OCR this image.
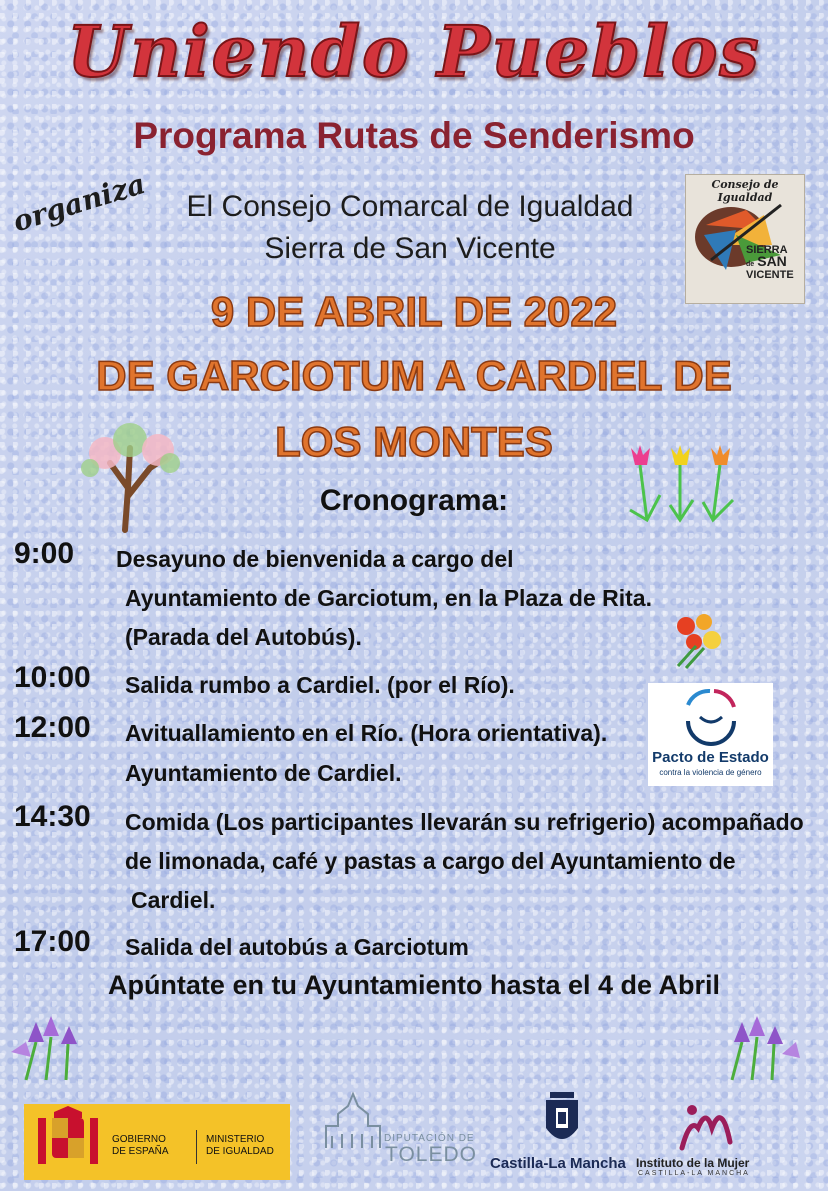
Uniendo Pueblos
Programa Rutas de Senderismo
organiza	El Consejo Comarcal de Igualdad
Sierra de San Vicente
Consejo de Igualdad
SIERRA
de SAN
VICENTE
9 DE ABRIL DE 2022
DE GARCIOTUM A CARDIEL DE
LOS MONTES
Cronograma:
9:00 Desayuno de bienvenida a cargo del
Ayuntamiento de Garciotum, en la Plaza de Rita.
(Parada del Autobús).
10:00 Salida rumbo a Cardiel. (por el Río).
12:00 Avituallamiento en el Río. (Hora orientativa).
Ayuntamiento de Cardiel.
Pacto de Estado
contra la violencia de género
14:30 Comida (Los participantes llevarán su refrigerio) acompañado
de limonada, café y pastas a cargo del Ayuntamiento de
Cardiel.
17:00 Salida del autobús a Garciotum
Apúntate en tu Ayuntamiento hasta el 4 de Abril
GOBIERNO
DE ESPAÑA
MINISTERIO
DE IGUALDAD
DIPUTACIÓN DE
TOLEDO Castilla-La Mancha Instituto de la Mujer
CASTILLA-LA MANCHA
